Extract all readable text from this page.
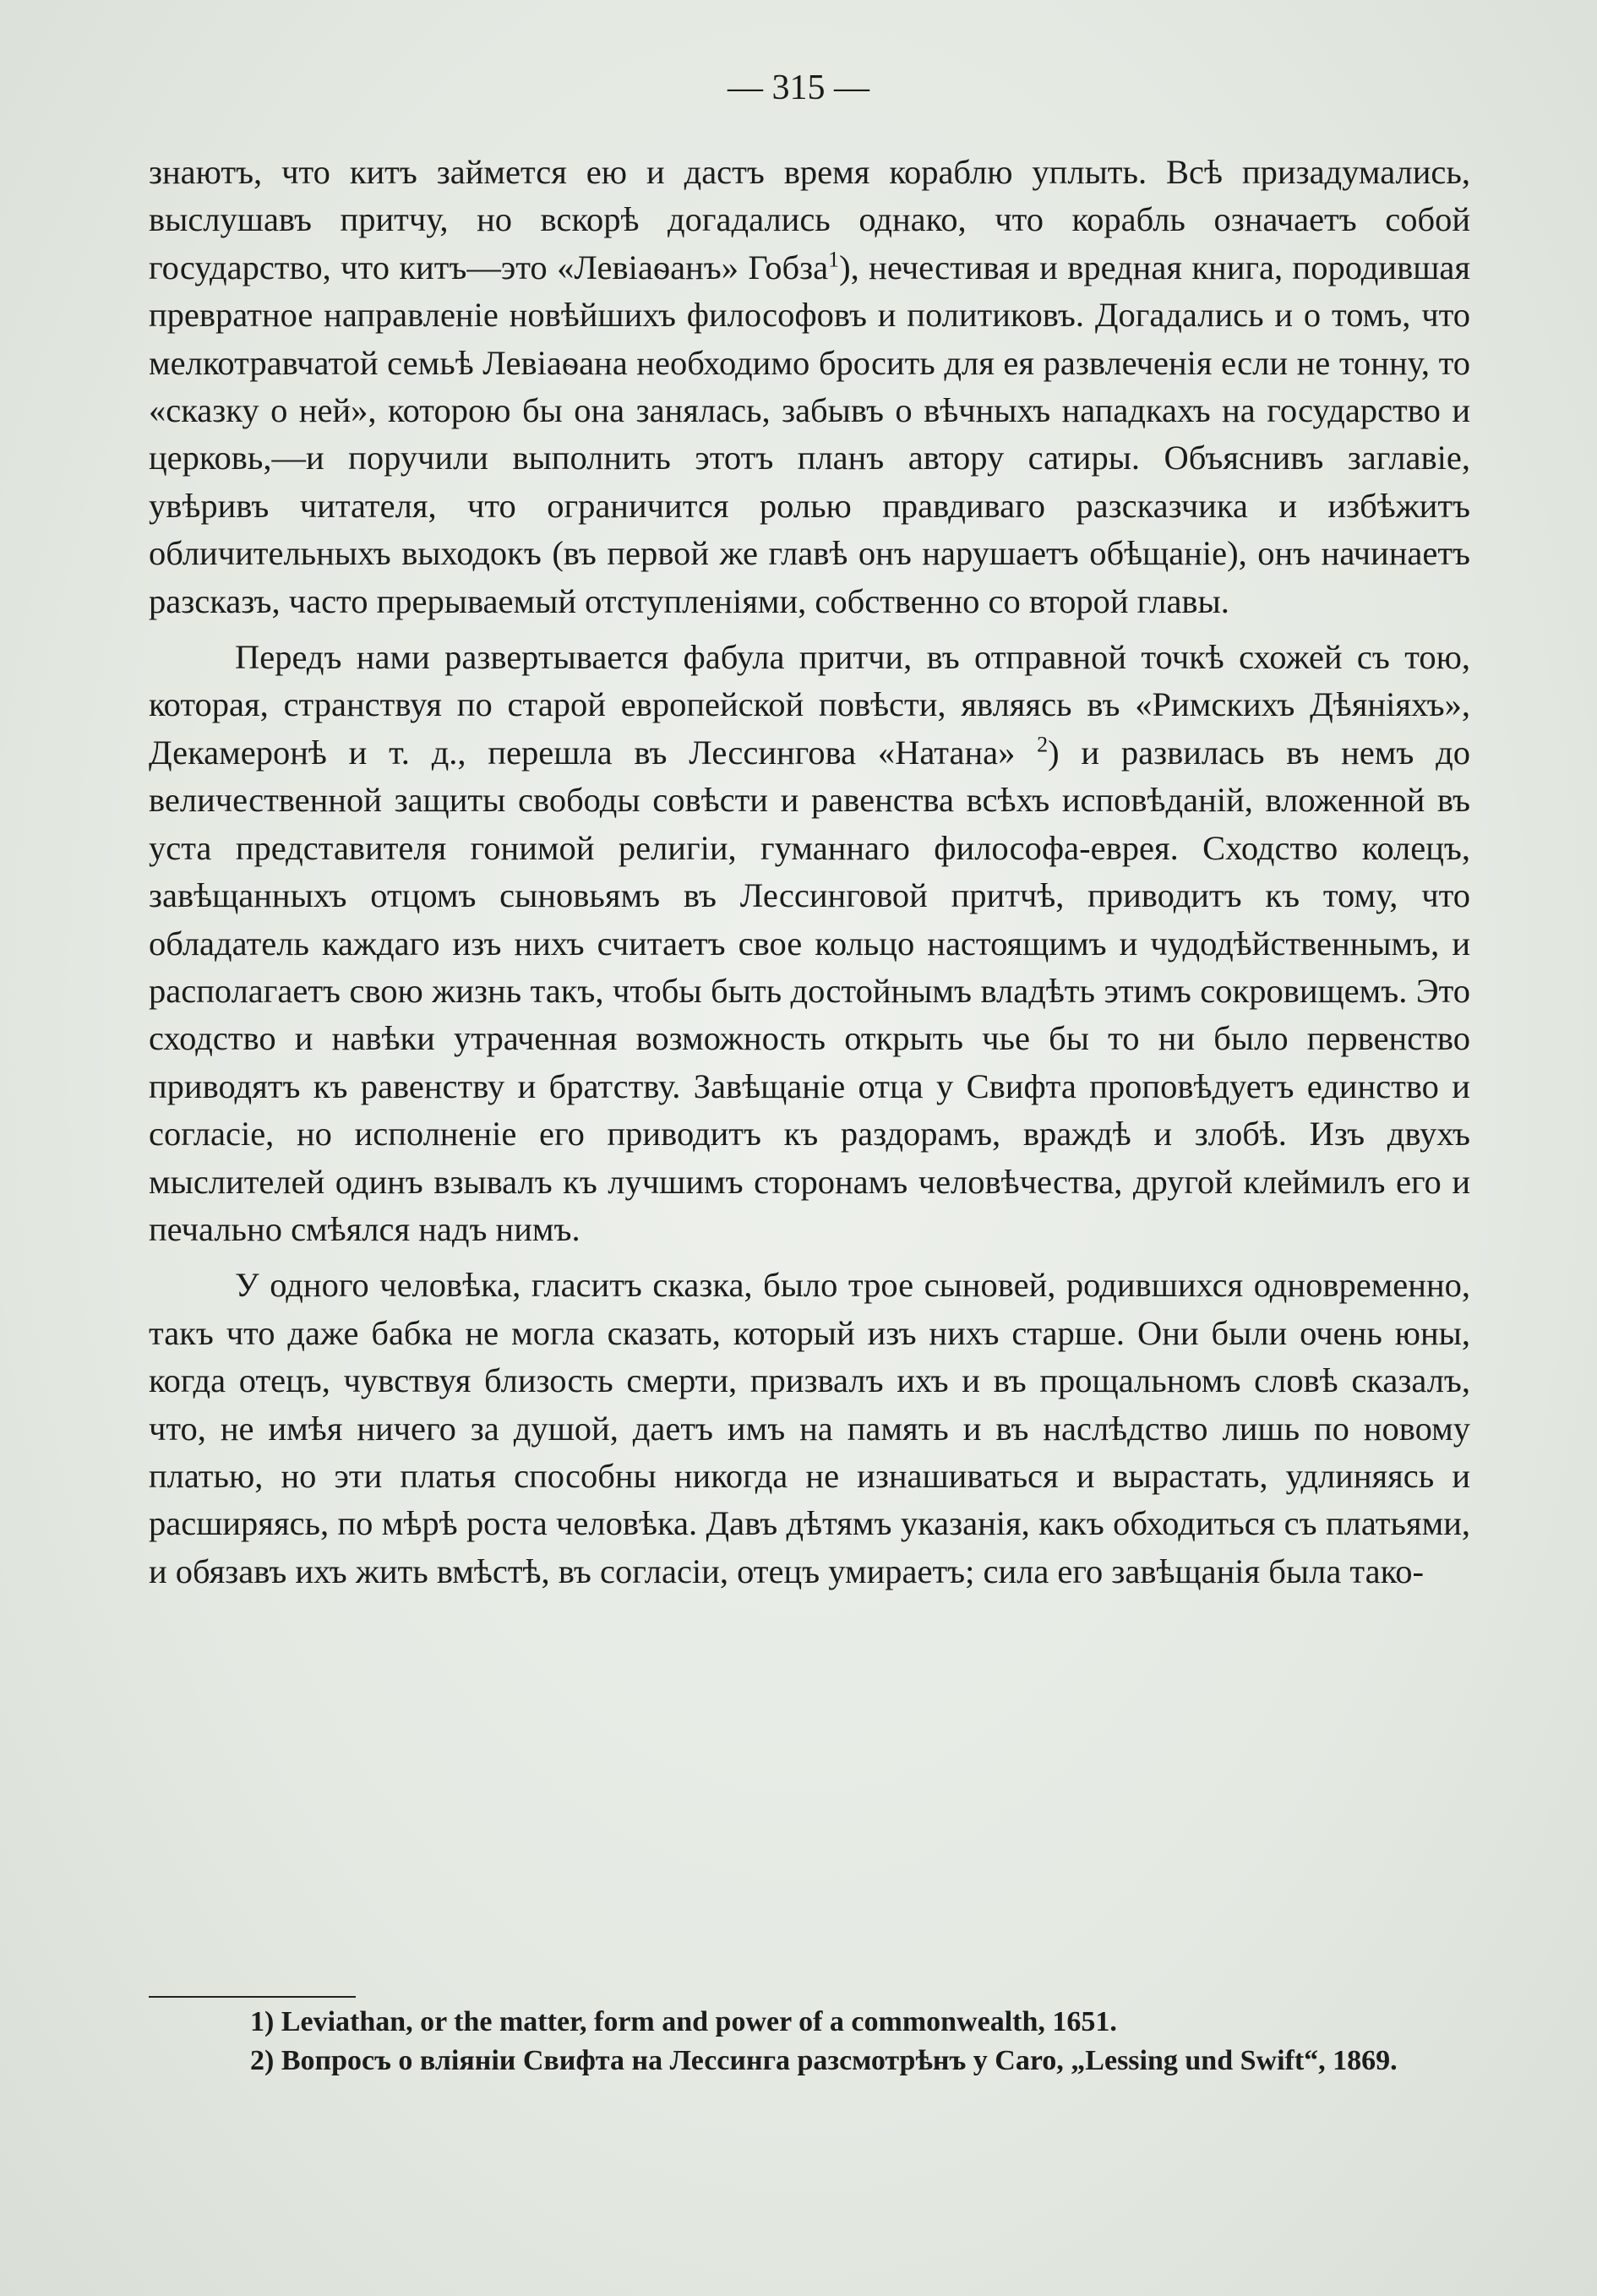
— 315 —

знаютъ, что китъ займется ею и дастъ время кораблю уплыть. Всѣ призадумались, выслушавъ притчу, но вскорѣ догадались однако, что корабль означаетъ собой государство, что китъ—это «Левіаѳанъ» Гобза$^1$), нечестивая и вредная книга, породившая превратное направленіе новѣйшихъ философовъ и политиковъ. Догадались и о томъ, что мелкотравчатой семьѣ Левіаѳана необходимо бросить для ея развлеченія если не тонну, то «сказку о ней», которою бы она занялась, забывъ о вѣчныхъ нападкахъ на государство и церковь,—и поручили выполнить этотъ планъ автору сатиры. Объяснивъ заглавіе, увѣривъ читателя, что ограничится ролью правдиваго разсказчика и избѣжитъ обличительныхъ выходокъ (въ первой же главѣ онъ нарушаетъ обѣщаніе), онъ начинаетъ разсказъ, часто прерываемый отступленіями, собственно со второй главы.

Передъ нами развертывается фабула притчи, въ отправной точкѣ схожей съ тою, которая, странствуя по старой европейской повѣсти, являясь въ «Римскихъ Дѣяніяхъ», Декамеронѣ и т. д., перешла въ Лессингова «Натана» $^2$) и развилась въ немъ до величественной защиты свободы совѣсти и равенства всѣхъ исповѣданій, вложенной въ уста представителя гонимой религіи, гуманнаго философа-еврея. Сходство колецъ, завѣщанныхъ отцомъ сыновьямъ въ Лессинговой притчѣ, приводитъ къ тому, что обладатель каждаго изъ нихъ считаетъ свое кольцо настоящимъ и чудодѣйственнымъ, и располагаетъ свою жизнь такъ, чтобы быть достойнымъ владѣть этимъ сокровищемъ. Это сходство и навѣки утраченная возможность открыть чье бы то ни было первенство приводятъ къ равенству и братству. Завѣщаніе отца у Свифта проповѣдуетъ единство и согласіе, но исполненіе его приводитъ къ раздорамъ, враждѣ и злобѣ. Изъ двухъ мыслителей одинъ взывалъ къ лучшимъ сторонамъ человѣчества, другой клеймилъ его и печально смѣялся надъ нимъ.

У одного человѣка, гласитъ сказка, было трое сыновей, родившихся одновременно, такъ что даже бабка не могла сказать, который изъ нихъ старше. Они были очень юны, когда отецъ, чувствуя близость смерти, призвалъ ихъ и въ прощальномъ словѣ сказалъ, что, не имѣя ничего за душой, даетъ имъ на память и въ наслѣдство лишь по новому платью, но эти платья способны никогда не изнашиваться и вырастать, удлиняясь и расширяясь, по мѣрѣ роста человѣка. Давъ дѣтямъ указанія, какъ обходиться съ платьями, и обязавъ ихъ жить вмѣстѣ, въ согласіи, отецъ умираетъ; сила его завѣщанія была тако-

1) Leviathan, or the matter, form and power of a commonwealth, 1651.

2) Вопросъ о вліяніи Свифта на Лессинга разсмотрѣнъ у Caro, „Lessing und Swift“, 1869.
